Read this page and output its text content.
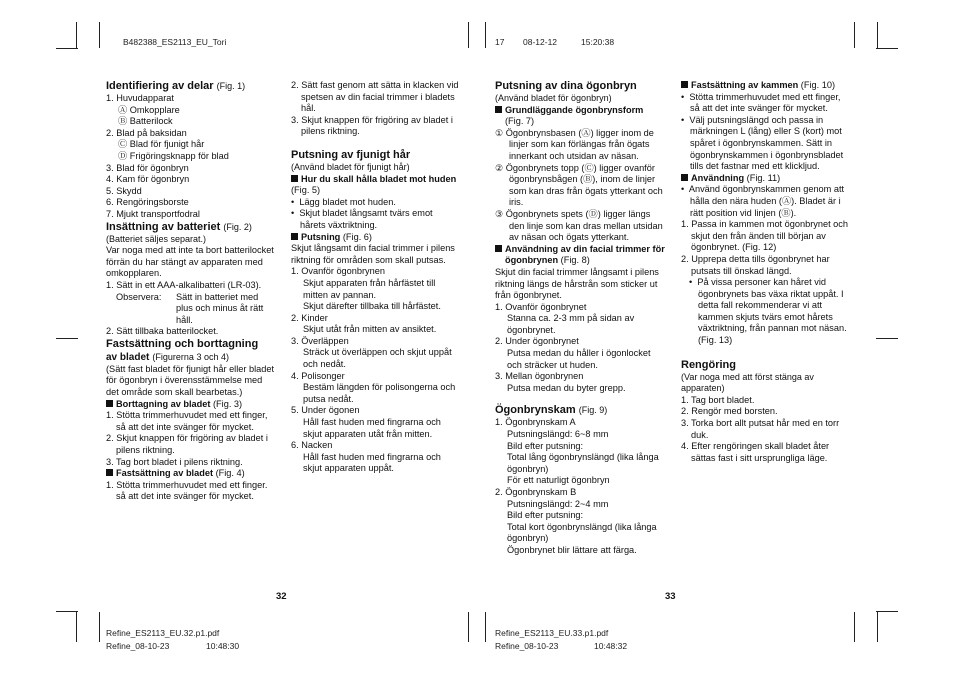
B482388_ES2113_EU_Tori	17 08-12-12	15:20:38

Identifiering av delar (Fig. 1)

1. Huvudapparat

Ⓐ Omkopplare

Ⓑ Batterilock

2. Blad på baksidan

Ⓒ Blad för fjunigt hår

Ⓓ Frigöringsknapp för blad

3. Blad för ögonbryn

4. Kam för ögonbryn

5. Skydd

6. Rengöringsborste

7. Mjukt transportfodral

Insättning av batteriet (Fig. 2)

(Batteriet säljes separat.)

Var noga med att inte ta bort batterilocket förrän du har stängt av apparaten med omkopplaren.

1. Sätt in ett AAA-alkalibatteri (LR-03).

Observera:	Sätt in batteriet med plus och minus åt rätt håll.

2. Sätt tillbaka batterilocket.

Fastsättning och borttagning
av bladet (Figurerna 3 och 4)

(Sätt fast bladet för fjunigt hår eller bladet för ögonbryn i överensstämmelse med det område som skall bearbetas.)

Borttagning av bladet (Fig. 3)

1. Stötta trimmerhuvudet med ett finger, så att det inte svänger för mycket.

2. Skjut knappen för frigöring av bladet i pilens riktning.

3. Tag bort bladet i pilens riktning.

Fastsättning av bladet (Fig. 4)

1. Stötta trimmerhuvudet med ett finger. så att det inte svänger för mycket.

2. Sätt fast genom att sätta in klacken vid spetsen av din facial trimmer i bladets hål.

3. Skjut knappen för frigöring av bladet i pilens riktning.

Putsning av fjunigt hår

(Använd bladet för fjunigt hår)

Hur du skall hålla bladet mot huden (Fig. 5)

•  Lägg bladet mot huden.

•  Skjut bladet långsamt tvärs emot hårets växtriktning.

Putsning (Fig. 6)

Skjut långsamt din facial trimmer i pilens riktning för områden som skall putsas.

1. Ovanför ögonbrynen

Skjut apparaten från hårfästet till mitten av pannan.

Skjut därefter tillbaka till hårfästet.

2. Kinder

Skjut utåt från mitten av ansiktet.

3. Överläppen

Sträck ut överläppen och skjut uppåt och nedåt.

4. Polisonger

Bestäm längden för polisongerna och putsa nedåt.

5. Under ögonen

Håll fast huden med fingrarna och skjut apparaten utåt från mitten.

6. Nacken

Håll fast huden med fingrarna och skjut apparaten uppåt.

Putsning av dina ögonbryn

(Använd bladet för ögonbryn)

Grundläggande ögonbrynsform
(Fig. 7)

① Ögonbrynsbasen (Ⓐ) ligger inom de linjer som kan förlängas från ögats innerkant och utsidan av näsan.

② Ögonbrynets topp (Ⓒ) ligger ovanför ögonbrynsbågen (Ⓑ), inom de linjer som kan dras från ögats ytterkant och iris.

③ Ögonbrynets spets (Ⓓ) ligger längs den linje som kan dras mellan utsidan av näsan och ögats ytterkant.

Användning av din facial trimmer för ögonbrynen (Fig. 8)

Skjut din facial trimmer långsamt i pilens riktning längs de hårstrån som sticker ut från ögonbrynet.

1. Ovanför ögonbrynet

Stanna ca. 2-3 mm på sidan av ögonbrynet.

2. Under ögonbrynet

Putsa medan du håller i ögonlocket och sträcker ut huden.

3. Mellan ögonbrynen

Putsa medan du byter grepp.

Ögonbrynskam (Fig. 9)

1. Ögonbrynskam A

Putsningslängd: 6~8 mm

Bild efter putsning:

Total lång ögonbrynslängd (lika långa ögonbryn)

För ett naturligt ögonbryn

2. Ögonbrynskam B

Putsningslängd: 2~4 mm

Bild efter putsning:

Total kort ögonbrynslängd (lika långa ögonbryn)

Ögonbrynet blir lättare att färga.

Fastsättning av kammen (Fig. 10)

•  Stötta trimmerhuvudet med ett finger, så att det inte svänger för mycket.

•  Välj putsningslängd och passa in märkningen L (lång) eller S (kort) mot spåret i ögonbrynskammen. Sätt in ögonbrynskammen i ögonbrynsbladet tills det fastnar med ett klickljud.

Användning (Fig. 11)

•  Använd ögonbrynskammen genom att hålla den nära huden (Ⓐ). Bladet är i rätt position vid linjen (Ⓑ).

1. Passa in kammen mot ögonbrynet och skjut den från änden till början av ögonbrynet. (Fig. 12)

2. Upprepa detta tills ögonbrynet har putsats till önskad längd.

•  På vissa personer kan håret vid ögonbrynets bas växa riktat uppåt. I detta fall rekommenderar vi att kammen skjuts tvärs emot hårets växtriktning, från pannan mot näsan. (Fig. 13)

Rengöring

(Var noga med att först stänga av apparaten)

1. Tag bort bladet.

2. Rengör med borsten.

3. Torka bort allt putsat hår med en torr duk.

4. Efter rengöringen skall bladet åter sättas fast i sitt ursprungliga läge.

32	33
Refine_ES2113_EU.32.p1.pdf
Refine_08-10-23	10:48:30
Refine_ES2113_EU.33.p1.pdf
Refine_08-10-23	10:48:32
